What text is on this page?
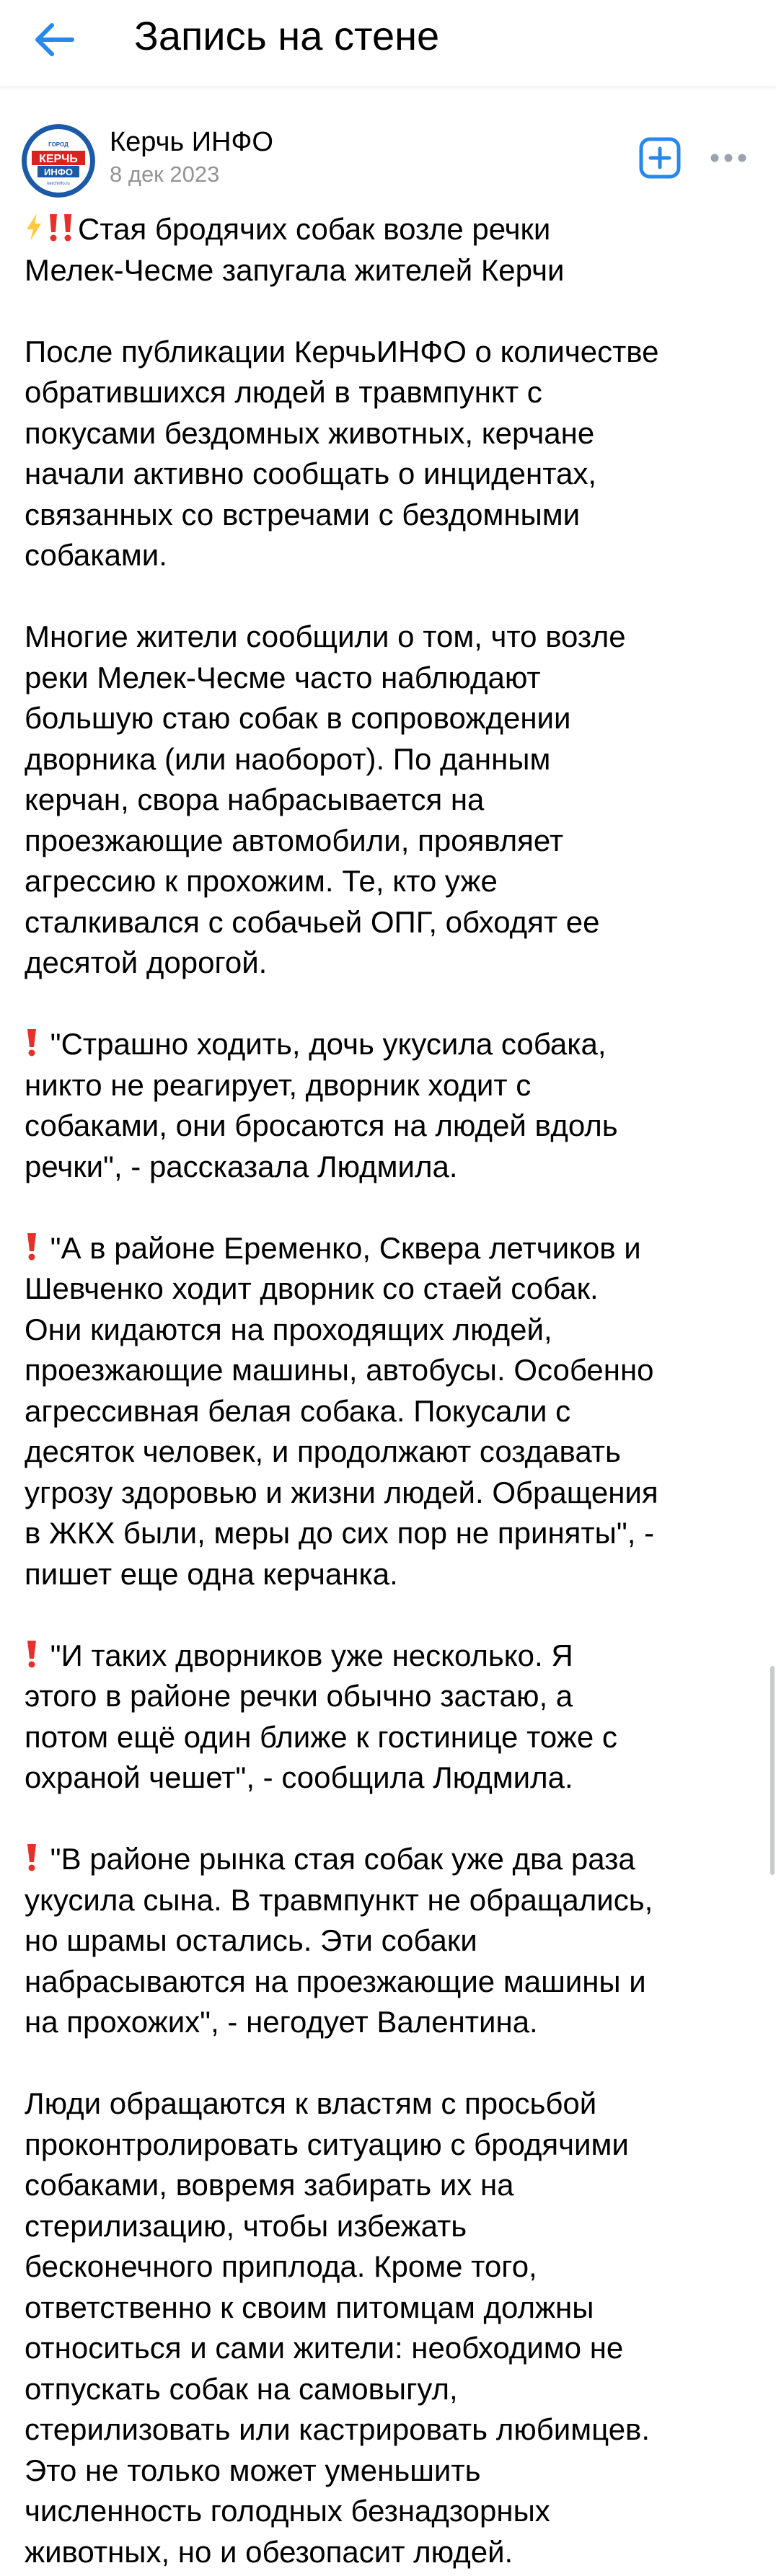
Запись на стене
ГОРОД
КЕРЧЬ
ИНФО
kerchinfo.ru
Керчь ИНФО
8 дек 2023

Стая бродячих собак возле речки
Мелек-Чесме запугала жителей Керчи

После публикации КерчьИНФО о количестве
обратившихся людей в травмпункт с
покусами бездомных животных, керчане
начали активно сообщать о инцидентах,
связанных со встречами с бездомными
собаками.

Многие жители сообщили о том, что возле
реки Мелек-Чесме часто наблюдают
большую стаю собак в сопровождении
дворника (или наоборот). По данным
керчан, свора набрасывается на
проезжающие автомобили, проявляет
агрессию к прохожим. Те, кто уже
сталкивался с собачьей ОПГ, обходят ее
десятой дорогой.

"Страшно ходить, дочь укусила собака,
никто не реагирует, дворник ходит с
собаками, они бросаются на людей вдоль
речки", - рассказала Людмила.

"А в районе Еременко, Сквера летчиков и
Шевченко ходит дворник со стаей собак.
Они кидаются на проходящих людей,
проезжающие машины, автобусы. Особенно
агрессивная белая собака. Покусали с
десяток человек, и продолжают создавать
угрозу здоровью и жизни людей. Обращения
в ЖКХ были, меры до сих пор не приняты", -
пишет еще одна керчанка.

"И таких дворников уже несколько. Я
этого в районе речки обычно застаю, а
потом ещё один ближе к гостинице тоже с
охраной чешет", - сообщила Людмила.

"В районе рынка стая собак уже два раза
укусила сына. В травмпункт не обращались,
но шрамы остались. Эти собаки
набрасываются на проезжающие машины и
на прохожих", - негодует Валентина.

Люди обращаются к властям с просьбой
проконтролировать ситуацию с бродячими
собаками, вовремя забирать их на
стерилизацию, чтобы избежать
бесконечного приплода. Кроме того,
ответственно к своим питомцам должны
относиться и сами жители: необходимо не
отпускать собак на самовыгул,
стерилизовать или кастрировать любимцев.
Это не только может уменьшить
численность голодных безнадзорных
животных, но и обезопасит людей.
